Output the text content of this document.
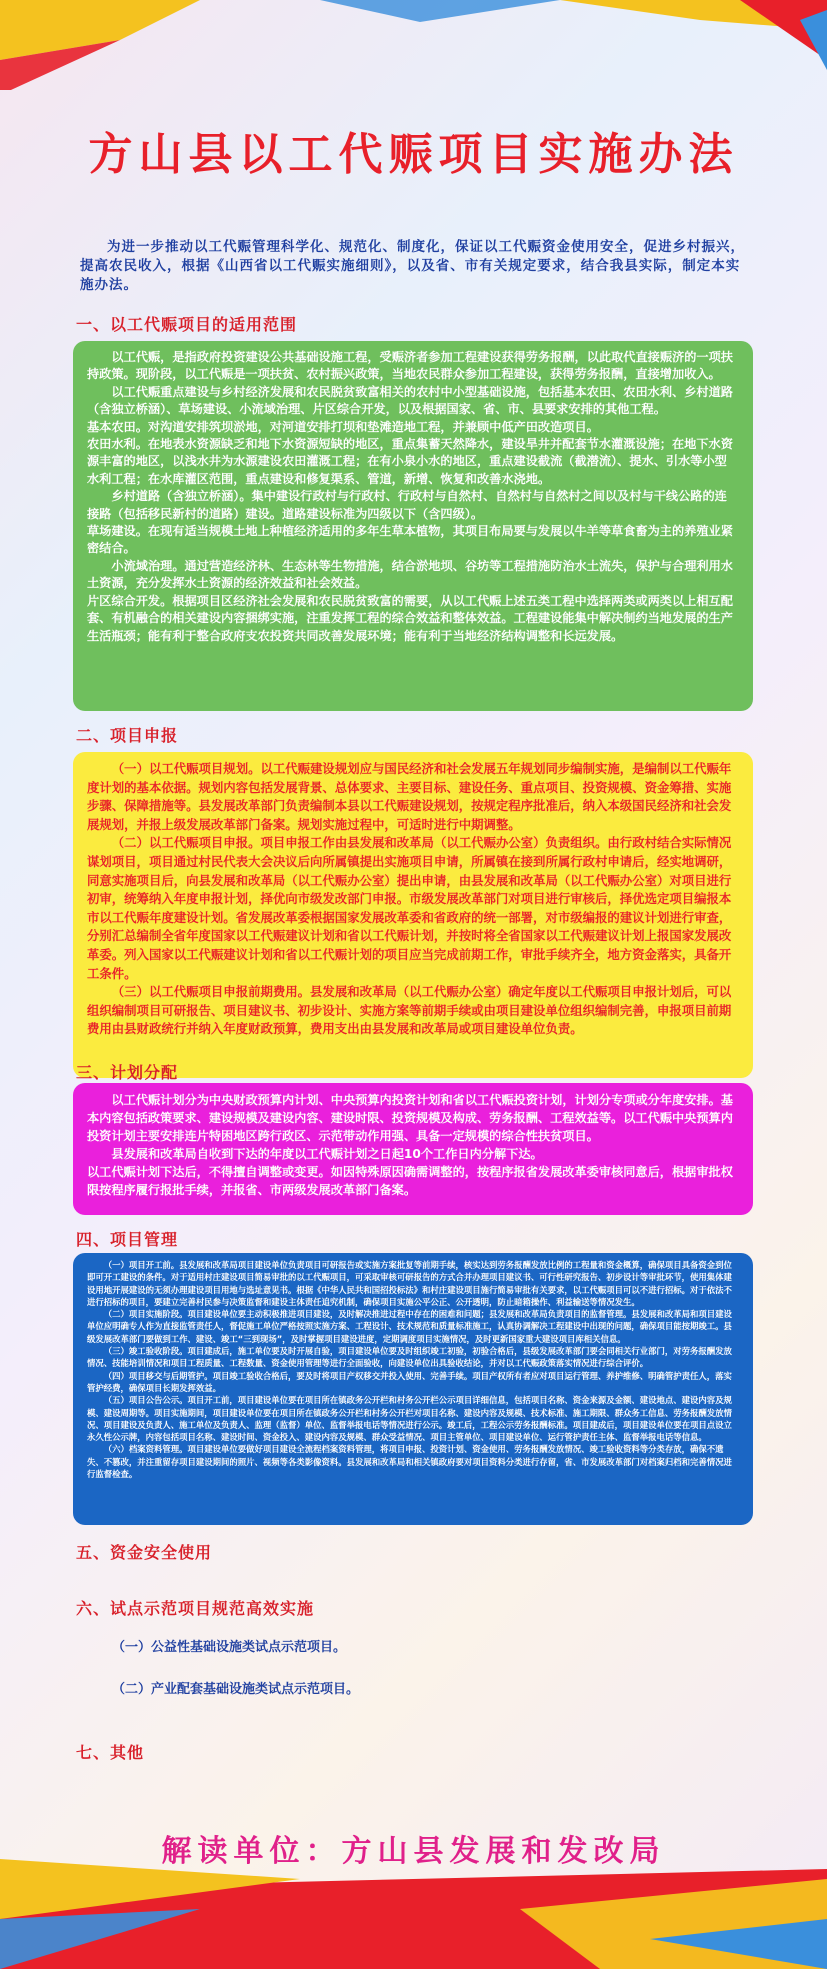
方山县以工代赈项目实施办法

为进一步推动以工代赈管理科学化、规范化、制度化，保证以工代赈资金使用安全，促进乡村振兴，提高农民收入，根据《山西省以工代赈实施细则》，以及省、市有关规定要求，结合我县实际，制定本实施办法。

一、以工代赈项目的适用范围

以工代赈，是指政府投资建设公共基础设施工程，受赈济者参加工程建设获得劳务报酬，以此取代直接赈济的一项扶持政策。现阶段，以工代赈是一项扶贫、农村振兴政策，当地农民群众参加工程建设，获得劳务报酬，直接增加收入。

以工代赈重点建设与乡村经济发展和农民脱贫致富相关的农村中小型基础设施，包括基本农田、农田水利、乡村道路（含独立桥涵）、草场建设、小流域治理、片区综合开发，以及根据国家、省、市、县要求安排的其他工程。

基本农田。对沟道安排筑坝淤地，对河道安排打坝和垫滩造地工程，并兼顾中低产田改造项目。

农田水利。在地表水资源缺乏和地下水资源短缺的地区，重点集蓄天然降水，建设旱井并配套节水灌溉设施；在地下水资源丰富的地区，以浅水井为水源建设农田灌溉工程；在有小泉小水的地区，重点建设截流（截潜流）、提水、引水等小型水利工程；在水库灌区范围，重点建设和修复渠系、管道，新增、恢复和改善水浇地。

乡村道路（含独立桥涵）。集中建设行政村与行政村、行政村与自然村、自然村与自然村之间以及村与干线公路的连接路（包括移民新村的道路）建设。道路建设标准为四级以下（含四级）。

草场建设。在现有适当规模土地上种植经济适用的多年生草本植物，其项目布局要与发展以牛羊等草食畜为主的养殖业紧密结合。

小流域治理。通过营造经济林、生态林等生物措施，结合淤地坝、谷坊等工程措施防治水土流失，保护与合理利用水土资源，充分发挥水土资源的经济效益和社会效益。

片区综合开发。根据项目区经济社会发展和农民脱贫致富的需要，从以工代赈上述五类工程中选择两类或两类以上相互配套、有机融合的相关建设内容捆绑实施，注重发挥工程的综合效益和整体效益。工程建设能集中解决制约当地发展的生产生活瓶颈；能有利于整合政府支农投资共同改善发展环境；能有利于当地经济结构调整和长远发展。

二、项目申报

（一）以工代赈项目规划。以工代赈建设规划应与国民经济和社会发展五年规划同步编制实施，是编制以工代赈年度计划的基本依据。规划内容包括发展背景、总体要求、主要目标、建设任务、重点项目、投资规模、资金筹措、实施步骤、保障措施等。县发展改革部门负责编制本县以工代赈建设规划，按规定程序批准后，纳入本级国民经济和社会发展规划，并报上级发展改革部门备案。规划实施过程中，可适时进行中期调整。

（二）以工代赈项目申报。项目申报工作由县发展和改革局（以工代赈办公室）负责组织。由行政村结合实际情况谋划项目，项目通过村民代表大会决议后向所属镇提出实施项目申请，所属镇在接到所属行政村申请后，经实地调研，同意实施项目后，向县发展和改革局（以工代赈办公室）提出申请，由县发展和改革局（以工代赈办公室）对项目进行初审，统筹纳入年度申报计划，择优向市级发改部门申报。市级发展改革部门对项目进行审核后，择优选定项目编报本市以工代赈年度建设计划。省发展改革委根据国家发展改革委和省政府的统一部署，对市级编报的建议计划进行审查，分别汇总编制全省年度国家以工代赈建议计划和省以工代赈计划，并按时将全省国家以工代赈建议计划上报国家发展改革委。列入国家以工代赈建议计划和省以工代赈计划的项目应当完成前期工作，审批手续齐全，地方资金落实，具备开工条件。

（三）以工代赈项目申报前期费用。县发展和改革局（以工代赈办公室）确定年度以工代赈项目申报计划后，可以组织编制项目可研报告、项目建议书、初步设计、实施方案等前期手续或由项目建设单位组织编制完善，申报项目前期费用由县财政统行并纳入年度财政预算，费用支出由县发展和改革局或项目建设单位负责。

三、计划分配

以工代赈计划分为中央财政预算内计划、中央预算内投资计划和省以工代赈投资计划，计划分专项或分年度安排。基本内容包括政策要求、建设规模及建设内容、建设时限、投资规模及构成、劳务报酬、工程效益等。以工代赈中央预算内投资计划主要安排连片特困地区跨行政区、示范带动作用强、具备一定规模的综合性扶贫项目。

县发展和改革局自收到下达的年度以工代赈计划之日起10个工作日内分解下达。

以工代赈计划下达后，不得擅自调整或变更。如因特殊原因确需调整的，按程序报省发展改革委审核同意后，根据审批权限按程序履行报批手续，并报省、市两级发展改革部门备案。

四、项目管理

（一）项目开工前。县发展和改革局项目建设单位负责项目可研报告或实施方案批复等前期手续，核实达到劳务报酬发放比例的工程量和资金概算，确保项目具备资金到位即可开工建设的条件。对于适用村庄建设项目简易审批的以工代赈项目，可采取审核可研报告的方式合并办理项目建议书、可行性研究报告、初步设计等审批环节，使用集体建设用地开展建设的无须办理建设项目用地与选址意见书。根据《中华人民共和国招投标法》和村庄建设项目施行简易审批有关要求，以工代赈项目可以不进行招标。对于依法不进行招标的项目，要建立完善村民参与决策监督和建设主体责任追究机制，确保项目实施公平公正、公开透明，防止暗箱操作、利益输送等情况发生。

（二）项目实施阶段。项目建设单位要主动积极推进项目建设，及时解决推进过程中存在的困难和问题；县发展和改革局负责项目的监督管理。县发展和改革局和项目建设单位应明确专人作为直接监管责任人，督促施工单位严格按照实施方案、工程设计、技术规范和质量标准施工，认真协调解决工程建设中出现的问题，确保项目能按期竣工。县级发展改革部门要做到工作、建设、竣工“三到现场”，及时掌握项目建设进度，定期调度项目实施情况，及时更新国家重大建设项目库相关信息。

（三）竣工验收阶段。项目建成后，施工单位要及时开展自验，项目建设单位要及时组织竣工初验，初验合格后，县级发展改革部门要会同相关行业部门，对劳务报酬发放情况、技能培训情况和项目工程质量、工程数量、资金使用管理等进行全面验收，向建设单位出具验收结论，并对以工代赈政策落实情况进行综合评价。

（四）项目移交与后期管护。项目竣工验收合格后，要及时将项目产权移交并投入使用、完善手续。项目产权所有者应对项目运行管理、养护维修、明确管护责任人，落实管护经费，确保项目长期发挥效益。

（五）项目公告公示。项目开工前，项目建设单位要在项目所在镇政务公开栏和村务公开栏公示项目详细信息，包括项目名称、资金来源及金额、建设地点、建设内容及规模、建设周期等。项目实施期间，项目建设单位要在项目所在镇政务公开栏和村务公开栏对项目名称、建设内容及规模、技术标准、施工期限、群众务工信息、劳务报酬发放情况、项目建设及负责人、施工单位及负责人、监理（监督）单位、监督举报电话等情况进行公示。竣工后，工程公示劳务报酬标准。项目建成后，项目建设单位要在项目点设立永久性公示牌，内容包括项目名称、建设时间、资金投入、建设内容及规模、群众受益情况、项目主管单位、项目建设单位、运行管护责任主体、监督举报电话等信息。

（六）档案资料管理。项目建设单位要做好项目建设全流程档案资料管理，将项目申报、投资计划、资金使用、劳务报酬发放情况、竣工验收资料等分类存放，确保不遗失、不篡改，并注重留存项目建设期间的照片、视频等各类影像资料。县发展和改革局和相关镇政府要对项目资料分类进行存留，省、市发展改革部门对档案归档和完善情况进行监督检查。

五、资金安全使用
六、试点示范项目规范高效实施

（一）公益性基础设施类试点示范项目。

（二）产业配套基础设施类试点示范项目。

七、其他

解读单位：方山县发展和发改局
